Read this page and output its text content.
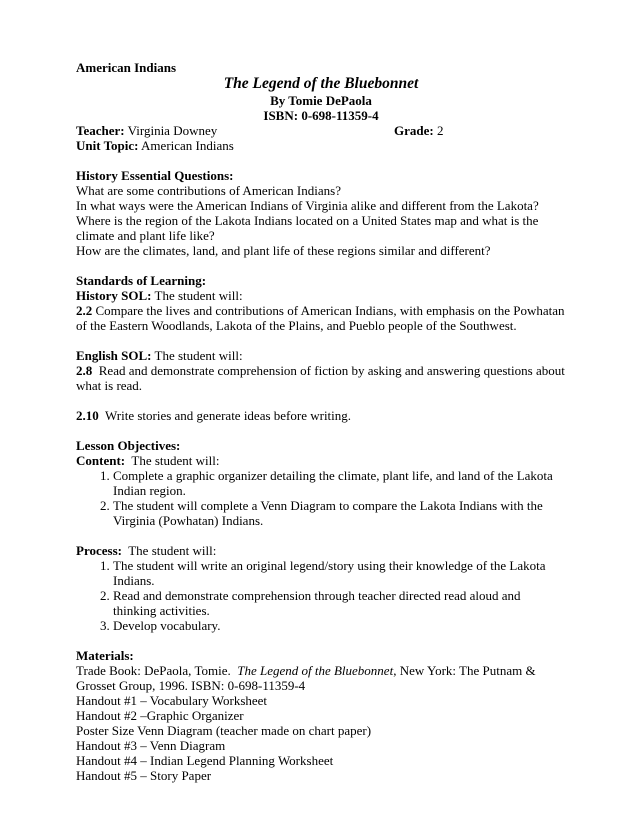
American Indians

The Legend of the Bluebonnet

By Tomie DePaola

ISBN: 0-698-11359-4

Teacher: Virginia Downey	Grade: 2

Unit Topic: American Indians

History Essential Questions:

What are some contributions of American Indians?

In what ways were the American Indians of Virginia alike and different from the Lakota?

Where is the region of the Lakota Indians located on a United States map and what is the climate and plant life like?

How are the climates, land, and plant life of these regions similar and different?

Standards of Learning:

History SOL: The student will:

2.2 Compare the lives and contributions of American Indians, with emphasis on the Powhatan of the Eastern Woodlands, Lakota of the Plains, and Pueblo people of the Southwest.

English SOL: The student will:

2.8 Read and demonstrate comprehension of fiction by asking and answering questions about what is read.

2.10 Write stories and generate ideas before writing.

Lesson Objectives:

Content: The student will:

1. Complete a graphic organizer detailing the climate, plant life, and land of the Lakota Indian region.
2. The student will complete a Venn Diagram to compare the Lakota Indians with the Virginia (Powhatan) Indians.

Process: The student will:

1. The student will write an original legend/story using their knowledge of the Lakota Indians.
2. Read and demonstrate comprehension through teacher directed read aloud and thinking activities.
3. Develop vocabulary.

Materials:

Trade Book: DePaola, Tomie. The Legend of the Bluebonnet, New York: The Putnam & Grosset Group, 1996. ISBN: 0-698-11359-4

Handout #1 – Vocabulary Worksheet

Handout #2 –Graphic Organizer

Poster Size Venn Diagram (teacher made on chart paper)

Handout #3 – Venn Diagram

Handout #4 – Indian Legend Planning Worksheet

Handout #5 – Story Paper
